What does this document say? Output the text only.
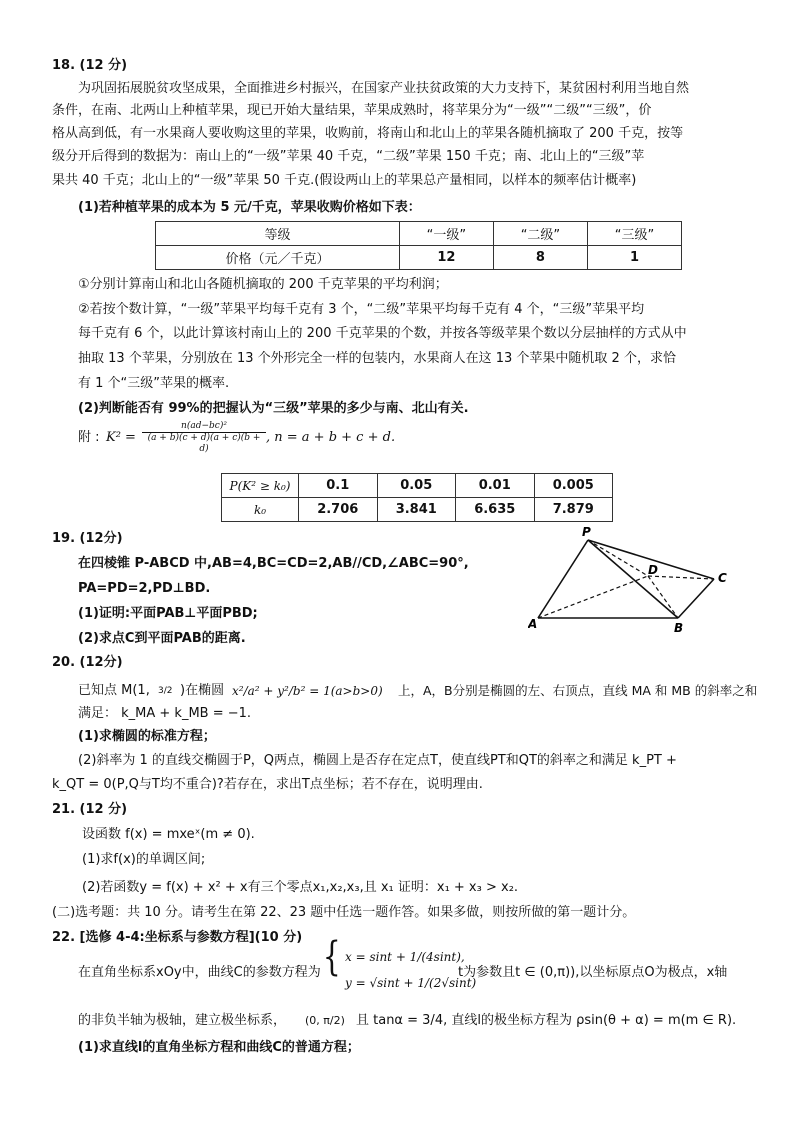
18. (12 分)
为巩固拓展脱贫攻坚成果，全面推进乡村振兴，在国家产业扶贫政策的大力支持下，某贫困村利用当地自然
条件，在南、北两山上种植苹果，现已开始大量结果，苹果成熟时，将苹果分为“一级”“二级”“三级”，价
格从高到低，有一水果商人要收购这里的苹果，收购前，将南山和北山上的苹果各随机摘取了 200 千克，按等
级分开后得到的数据为：南山上的“一级”苹果 40 千克，“二级”苹果 150 千克；南、北山上的“三级”苹
果共 40 千克；北山上的“一级”苹果 50 千克.(假设两山上的苹果总产量相同，以样本的频率估计概率)
(1)若种植苹果的成本为 5 元/千克，苹果收购价格如下表：
等级	“一级”	“二级”	“三级”
价格（元／千克）	12	8	1
①分别计算南山和北山各随机摘取的 200 千克苹果的平均利润；
②若按个数计算，“一级”苹果平均每千克有 3 个，“二级”苹果平均每千克有 4 个，“三级”苹果平均
每千克有 6 个，以此计算该村南山上的 200 千克苹果的个数，并按各等级苹果个数以分层抽样的方式从中
抽取 13 个苹果，分别放在 13 个外形完全一样的包装内，水果商人在这 13 个苹果中随机取 2 个，求恰
有 1 个“三级”苹果的概率.
(2)判断能否有 99%的把握认为“三级”苹果的多少与南、北山有关.
附 : $K^2 = \frac{\text{n(ad−bc)²}}{(a + b)(c + d)(a + c)(b + d)}$ , n = a + b + c + d.
P(K² ≥ k₀)	0.1	0.05	0.01	0.005
k₀	2.706	3.841	6.635	7.879
19. (12分)
在四棱锥 P-ABCD 中,AB=4,BC=CD=2,AB//CD,∠ABC=90°,
PA=PD=2,PD⊥BD.
(1)证明:平面PAB⊥平面PBD;
(2)求点C到平面PAB的距离.
P
D
C
A	B
20. (12分)
已知点 M(1, 3/2 )在椭圆 x²/a² + y²/b² = 1(a>b>0) 上，A，B分别是椭圆的左、右顶点，直线 MA 和 MB 的斜率之和
满足： k_MA + k_MB = −1.
(1)求椭圆的标准方程；
(2)斜率为 1 的直线交椭圆于P，Q两点，椭圆上是否存在定点T，使直线PT和QT的斜率之和满足 k_PT +
k_QT = 0(P,Q与T均不重合)?若存在，求出T点坐标；若不存在，说明理由.
21. (12 分)
设函数 f(x) = mxeˣ(m ≠ 0).
(1)求f(x)的单调区间;
(2)若函数y = f(x) + x² + x有三个零点x₁,x₂,x₃,且 x₁ 证明：x₁ + x₃ > x₂.
(二)选考题：共 10 分。请考生在第 22、23 题中任选一题作答。如果多做，则按所做的第一题计分。
22. [选修 4-4:坐标系与参数方程](10 分)
在直角坐标系xOy中，曲线C的参数方程为 { x = sint + 1/(4sint),
y = √sint + 1/(2√sint)
t为参数且t ∈ (0,π)),以坐标原点O为极点，x轴
的非负半轴为极轴，建立极坐标系， (0, π/2) 且 tanα = 3/4, 直线l的极坐标方程为 ρsin(θ + α) = m(m ∈ R).
(1)求直线l的直角坐标方程和曲线C的普通方程；
